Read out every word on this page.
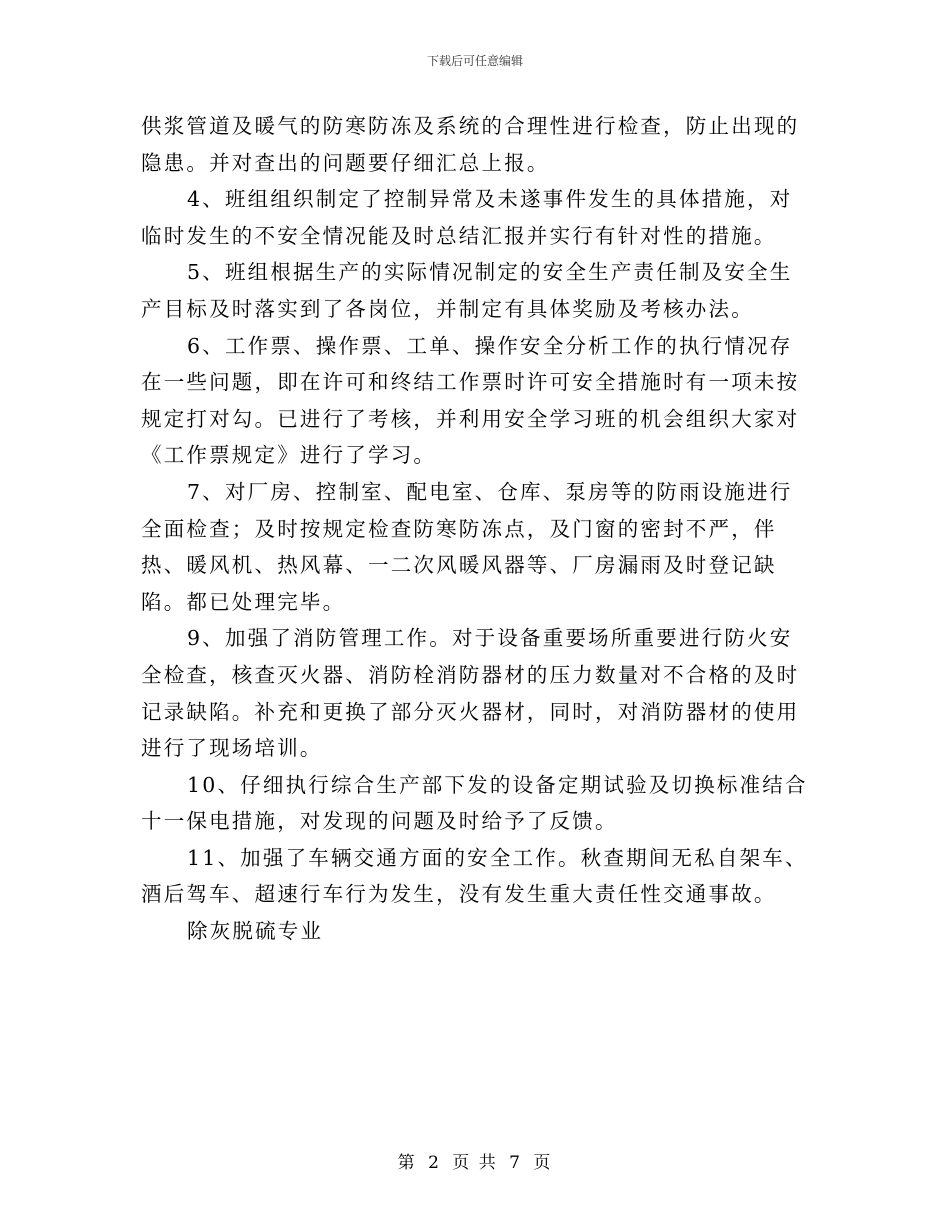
下载后可任意编辑

供浆管道及暖气的防寒防冻及系统的合理性进行检查，防止出现的隐患。并对查出的问题要仔细汇总上报。

4、班组组织制定了控制异常及未遂事件发生的具体措施，对临时发生的不安全情况能及时总结汇报并实行有针对性的措施。

5、班组根据生产的实际情况制定的安全生产责任制及安全生产目标及时落实到了各岗位，并制定有具体奖励及考核办法。

6、工作票、操作票、工单、操作安全分析工作的执行情况存在一些问题，即在许可和终结工作票时许可安全措施时有一项未按规定打对勾。已进行了考核，并利用安全学习班的机会组织大家对《工作票规定》进行了学习。

7、对厂房、控制室、配电室、仓库、泵房等的防雨设施进行全面检查；及时按规定检查防寒防冻点，及门窗的密封不严，伴热、暖风机、热风幕、一二次风暖风器等、厂房漏雨及时登记缺陷。都已处理完毕。

9、加强了消防管理工作。对于设备重要场所重要进行防火安全检查，核查灭火器、消防栓消防器材的压力数量对不合格的及时记录缺陷。补充和更换了部分灭火器材，同时，对消防器材的使用进行了现场培训。

10、仔细执行综合生产部下发的设备定期试验及切换标准结合十一保电措施，对发现的问题及时给予了反馈。

11、加强了车辆交通方面的安全工作。秋查期间无私自架车、酒后驾车、超速行车行为发生，没有发生重大责任性交通事故。

除灰脱硫专业

第 2 页 共 7 页
